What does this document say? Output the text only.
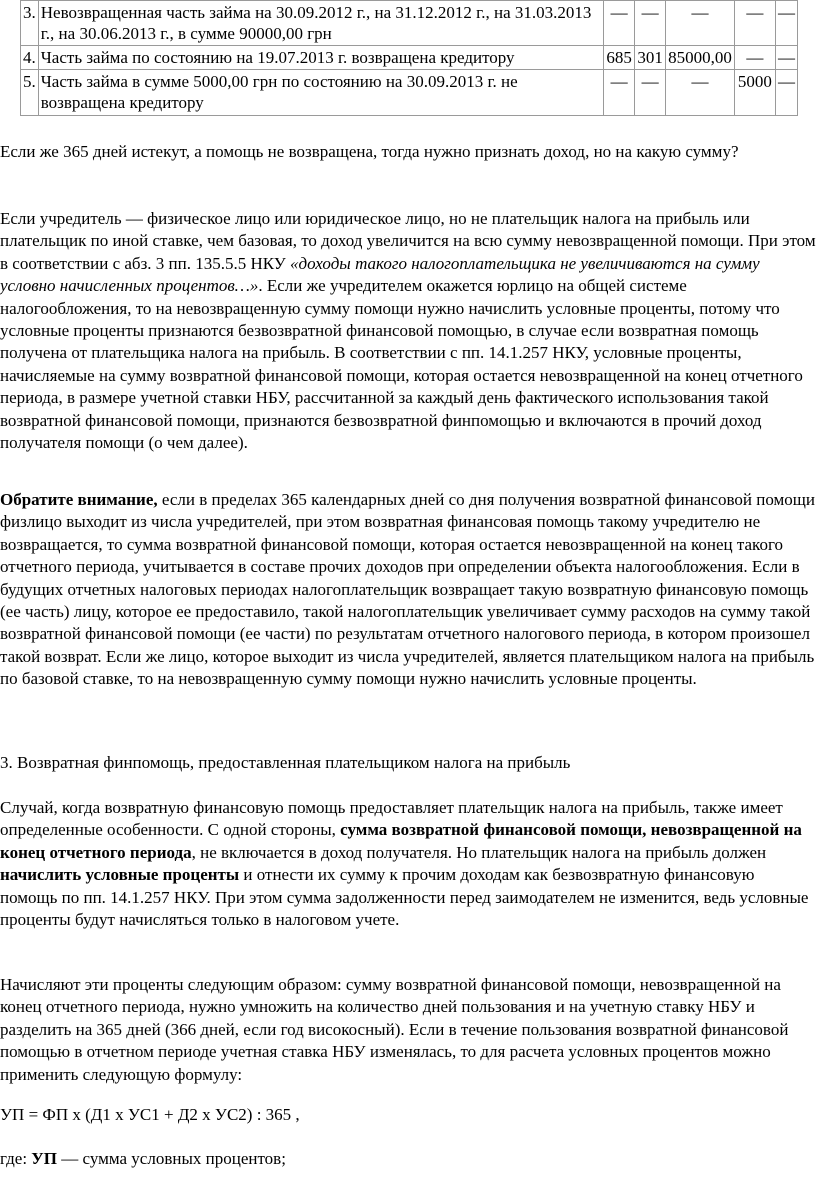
3.	Невозвращенная часть займа на 30.09.2012 г., на 31.12.2012 г., на 31.03.2013 г., на 30.06.2013 г., в сумме 90000,00 грн	—	—	—	—	—
4.	Часть займа по состоянию на 19.07.2013 г. возвращена кредитору	685	301	85000,00	—	—
5.	Часть займа в сумме 5000,00 грн по состоянию на 30.09.2013 г. не возвращена кредитору	—	—	—	5000	—

Если же 365 дней истекут, а помощь не возвращена, тогда нужно признать доход, но на какую сумму?

Если учредитель — физическое лицо или юридическое лицо, но не плательщик налога на прибыль или плательщик по иной ставке, чем базовая, то доход увеличится на всю сумму невозвращенной помощи. При этом в соответствии с абз. 3 пп. 135.5.5 НКУ «доходы такого налогоплательщика не увеличиваются на сумму условно начисленных процентов…». Если же учредителем окажется юрлицо на общей системе налогообложения, то на невозвращенную сумму помощи нужно начислить условные проценты, потому что условные проценты признаются безвозвратной финансовой помощью, в случае если возвратная помощь получена от плательщика налога на прибыль. В соответствии с пп. 14.1.257 НКУ, условные проценты, начисляемые на сумму возвратной финансовой помощи, которая остается невозвращенной на конец отчетного периода, в размере учетной ставки НБУ, рассчитанной за каждый день фактического использования такой возвратной финансовой помощи, признаются безвозвратной финпомощью и включаются в прочий доход получателя помощи (о чем далее).

Обратите внимание, если в пределах 365 календарных дней со дня получения возвратной финансовой помощи физлицо выходит из числа учредителей, при этом возвратная финансовая помощь такому учредителю не возвращается, то сумма возвратной финансовой помощи, которая остается невозвращенной на конец такого отчетного периода, учитывается в составе прочих доходов при определении объекта налогообложения. Если в будущих отчетных налоговых периодах налогоплательщик возвращает такую возвратную финансовую помощь (ее часть) лицу, которое ее предоставило, такой налогоплательщик увеличивает сумму расходов на сумму такой возвратной финансовой помощи (ее части) по результатам отчетного налогового периода, в котором произошел такой возврат. Если же лицо, которое выходит из числа учредителей, является плательщиком налога на прибыль по базовой ставке, то на невозвращенную сумму помощи нужно начислить условные проценты.

3. Возвратная финпомощь, предоставленная плательщиком налога на прибыль

Случай, когда возвратную финансовую помощь предоставляет плательщик налога на прибыль, также имеет определенные особенности. С одной стороны, сумма возвратной финансовой помощи, невозвращенной на конец отчетного периода, не включается в доход получателя. Но плательщик налога на прибыль должен начислить условные проценты и отнести их сумму к прочим доходам как безвозвратную финансовую помощь по пп. 14.1.257 НКУ. При этом сумма задолженности перед заимодателем не изменится, ведь условные проценты будут начисляться только в налоговом учете.

Начисляют эти проценты следующим образом: сумму возвратной финансовой помощи, невозвращенной на конец отчетного периода, нужно умножить на количество дней пользования и на учетную ставку НБУ и разделить на 365 дней (366 дней, если год високосный). Если в течение пользования возвратной финансовой помощью в отчетном периоде учетная ставка НБУ изменялась, то для расчета условных процентов можно применить следующую формулу:

УП = ФП х (Д1 х УС1 + Д2 х УС2) : 365 ,

где: УП — сумма условных процентов;
